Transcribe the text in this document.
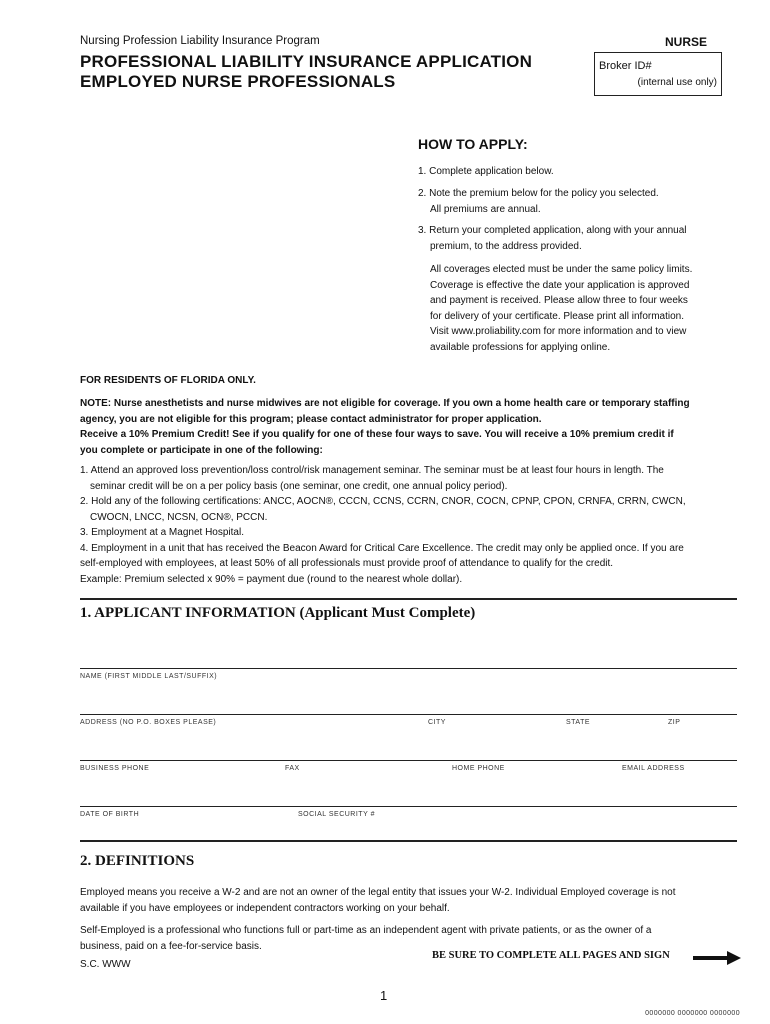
Nursing Profession Liability Insurance Program	NURSE
PROFESSIONAL LIABILITY INSURANCE APPLICATION
EMPLOYED NURSE PROFESSIONALS
Broker ID#
(internal use only)
HOW TO APPLY:
1. Complete application below.
2. Note the premium below for the policy you selected.
All premiums are annual.
3. Return your completed application, along with your annual
premium, to the address provided.
All coverages elected must be under the same policy limits.
Coverage is effective the date your application is approved
and payment is received. Please allow three to four weeks
for delivery of your certificate. Please print all information.
Visit www.proliability.com for more information and to view
available professions for applying online.
FOR RESIDENTS OF FLORIDA ONLY.
NOTE: Nurse anesthetists and nurse midwives are not eligible for coverage. If you own a home health care or temporary staffing
agency, you are not eligible for this program; please contact administrator for proper application.
Receive a 10% Premium Credit! See if you qualify for one of these four ways to save. You will receive a 10% premium credit if
you complete or participate in one of the following:
1. Attend an approved loss prevention/loss control/risk management seminar. The seminar must be at least four hours in length. The
seminar credit will be on a per policy basis (one seminar, one credit, one annual policy period).
2. Hold any of the following certifications: ANCC, AOCN®, CCCN, CCNS, CCRN, CNOR, COCN, CPNP, CPON, CRNFA, CRRN, CWCN,
CWOCN, LNCC, NCSN, OCN®, PCCN.
3. Employment at a Magnet Hospital.
4. Employment in a unit that has received the Beacon Award for Critical Care Excellence. The credit may only be applied once. If you are
self-employed with employees, at least 50% of all professionals must provide proof of attendance to qualify for the credit.
Example: Premium selected x 90% = payment due (round to the nearest whole dollar).
1. APPLICANT INFORMATION (Applicant Must Complete)
NAME (FIRST MIDDLE LAST/SUFFIX)
ADDRESS (NO P.O. BOXES PLEASE)	CITY	STATE	ZIP
BUSINESS PHONE	FAX	HOME PHONE	EMAIL ADDRESS
DATE OF BIRTH	SOCIAL SECURITY #
2. DEFINITIONS
Employed means you receive a W-2 and are not an owner of the legal entity that issues your W-2. Individual Employed coverage is not
available if you have employees or independent contractors working on your behalf.
Self-Employed is a professional who functions full or part-time as an independent agent with private patients, or as the owner of a
business, paid on a fee-for-service basis.
S.C. WWW
BE SURE TO COMPLETE ALL PAGES AND SIGN
1
0000000 0000000 0000000
